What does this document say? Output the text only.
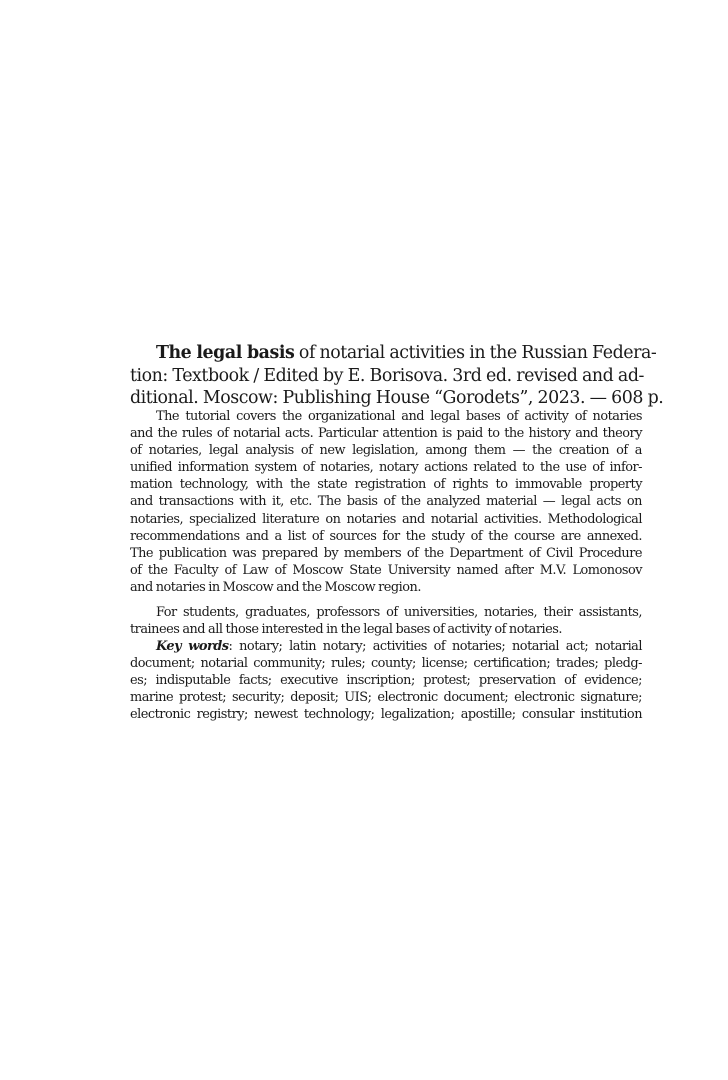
The legal basis of notarial activities in the Russian Federa-
tion: Textbook / Edited by E. Borisova. 3rd ed. revised and ad-
ditional. Moscow: Publishing House “Gorodets”, 2023. — 608 p.
The tutorial covers the organizational and legal bases of activity of notaries
and the rules of notarial acts. Particular attention is paid to the history and theory
of notaries, legal analysis of new legislation, among them — the creation of a
unified information system of notaries, notary actions related to the use of infor-
mation technology, with the state registration of rights to immovable property
and transactions with it, etc. The basis of the analyzed material — legal acts on
notaries, specialized literature on notaries and notarial activities. Methodological
recommendations and a list of sources for the study of the course are annexed.
The publication was prepared by members of the Department of Civil Procedure
of the Faculty of Law of Moscow State University named after M.V. Lomonosov
and notaries in Moscow and the Moscow region.
For students, graduates, professors of universities, notaries, their assistants,
trainees and all those interested in the legal bases of activity of notaries.
Key words: notary; latin notary; activities of notaries; notarial act; notarial
document; notarial community; rules; county; license; certification; trades; pledg-
es; indisputable facts; executive inscription; protest; preservation of evidence;
marine protest; security; deposit; UIS; electronic document; electronic signature;
electronic registry; newest technology; legalization; apostille; consular institution
